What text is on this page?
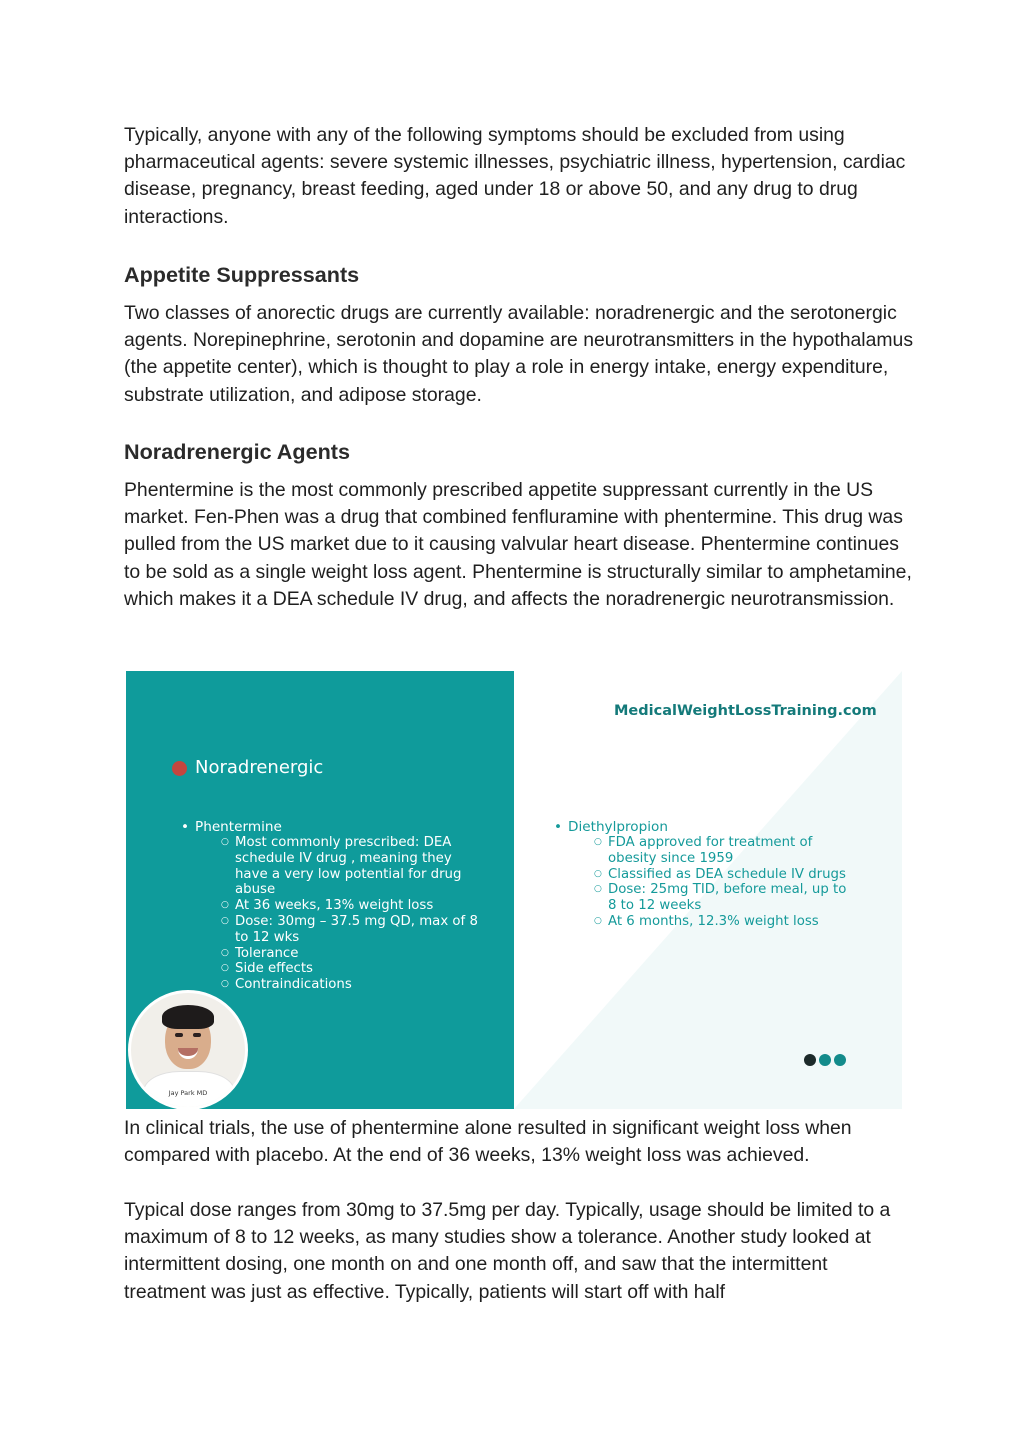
Typically, anyone with any of the following symptoms should be excluded from using pharmaceutical agents: severe systemic illnesses, psychiatric illness, hypertension, cardiac disease, pregnancy, breast feeding, aged under 18 or above 50, and any drug to drug interactions.

Appetite Suppressants

Two classes of anorectic drugs are currently available: noradrenergic and the serotonergic agents. Norepinephrine, serotonin and dopamine are neurotransmitters in the hypothalamus (the appetite center), which is thought to play a role in energy intake, energy expenditure, substrate utilization, and adipose storage.

Noradrenergic Agents

Phentermine is the most commonly prescribed appetite suppressant currently in the US market. Fen-Phen was a drug that combined fenfluramine with phentermine. This drug was pulled from the US market due to it causing valvular heart disease. Phentermine continues to be sold as a single weight loss agent. Phentermine is structurally similar to amphetamine, which makes it a DEA schedule IV drug, and affects the noradrenergic neurotransmission.

Noradrenergic
• Phentermine
○ Most commonly prescribed: DEA schedule IV drug , meaning they have a very low potential for drug abuse
○ At 36 weeks, 13% weight loss
○ Dose: 30mg – 37.5 mg QD, max of 8 to 12 wks
○ Tolerance
○ Side effects
○ Contraindications
Jay Park MD
MedicalWeightLossTraining.com
• Diethylpropion
○ FDA approved for treatment of obesity since 1959
○ Classified as DEA schedule IV drugs
○ Dose: 25mg TID, before meal, up to 8 to 12 weeks
○ At 6 months, 12.3% weight loss

In clinical trials, the use of phentermine alone resulted in significant weight loss when compared with placebo. At the end of 36 weeks, 13% weight loss was achieved.

Typical dose ranges from 30mg to 37.5mg per day. Typically, usage should be limited to a maximum of 8 to 12 weeks, as many studies show a tolerance. Another study looked at intermittent dosing, one month on and one month off, and saw that the intermittent treatment was just as effective. Typically, patients will start off with half
